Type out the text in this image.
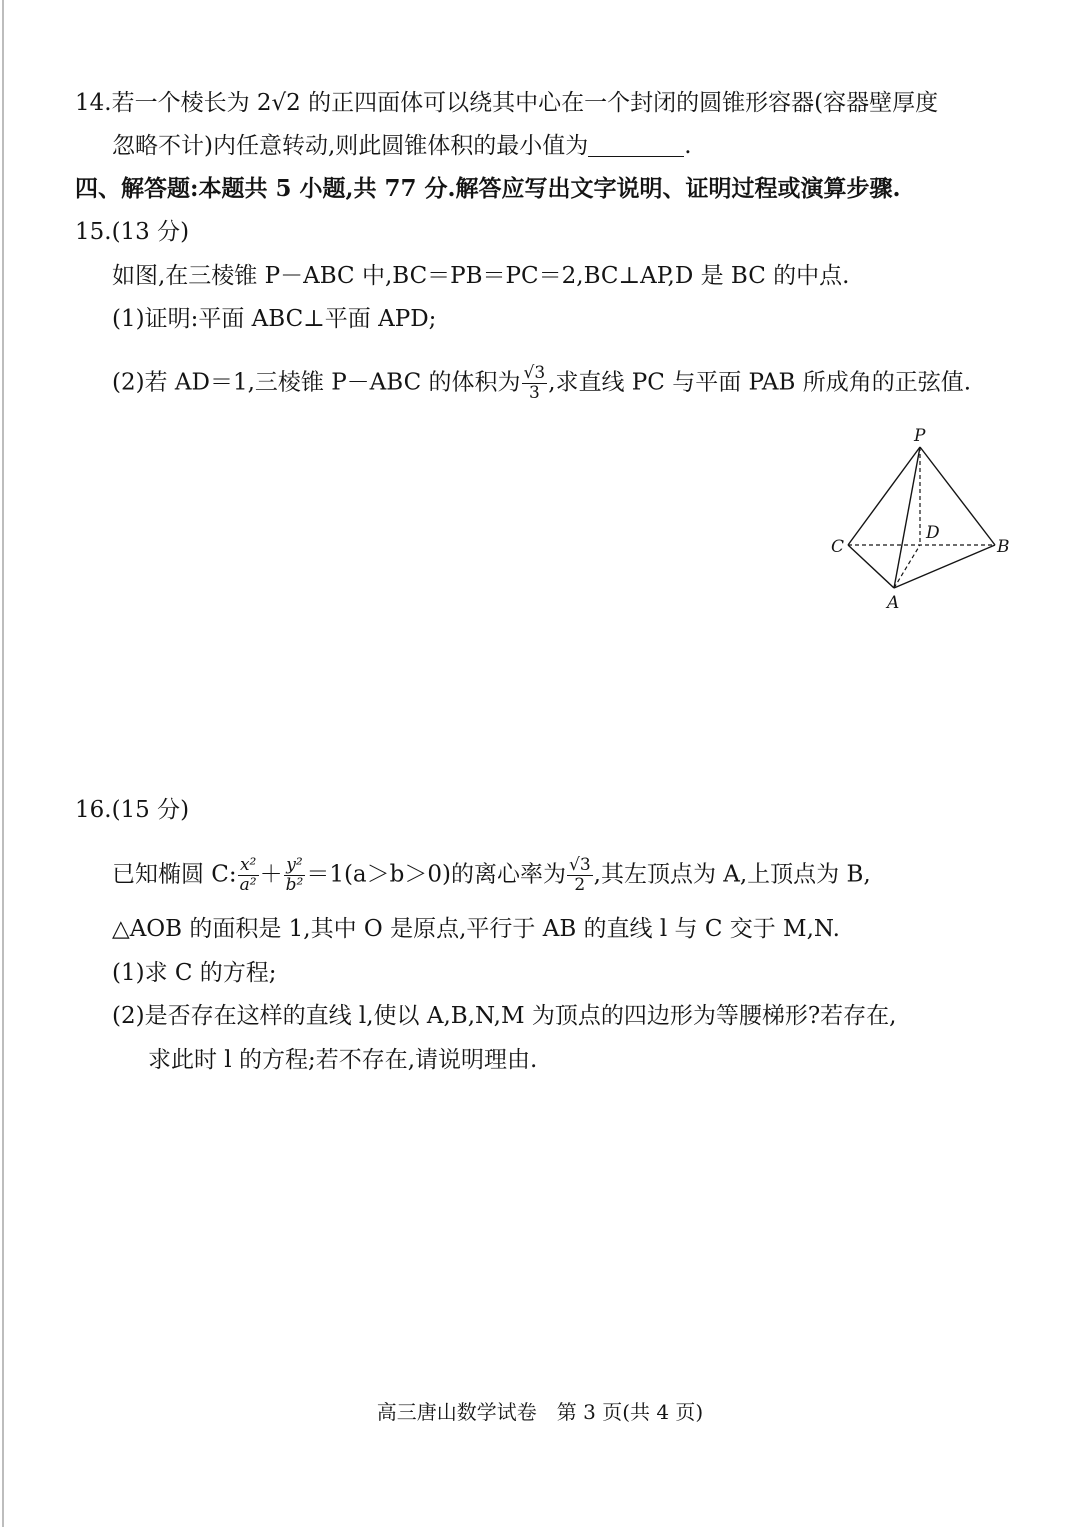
14.若一个棱长为 2√2 的正四面体可以绕其中心在一个封闭的圆锥形容器(容器壁厚度
忽略不计)内任意转动,则此圆锥体积的最小值为	.
四、解答题:本题共 5 小题,共 77 分.解答应写出文字说明、证明过程或演算步骤.
15.(13 分)
如图,在三棱锥 P－ABC 中,BC＝PB＝PC＝2,BC⊥AP,D 是 BC 的中点.
(1)证明:平面 ABC⊥平面 APD;
(2)若 AD＝1,三棱锥 P－ABC 的体积为 $\frac{√3}{3}$ ,求直线 PC 与平面 PAB 所成角的正弦值.
P
C	B
A
D
16.(15 分)
已知椭圆 C: $\frac{\text{x²}}{\text{a²}} + \frac{\text{y²}}{\text{b²}} =1(a>b>0)$的离心率为 $\frac{√3}{2}$ ,其左顶点为 A,上顶点为 B,
△AOB 的面积是 1,其中 O 是原点,平行于 AB 的直线 l 与 C 交于 M,N.
(1)求 C 的方程;
(2)是否存在这样的直线 l,使以 A,B,N,M 为顶点的四边形为等腰梯形?若存在,
求此时 l 的方程;若不存在,请说明理由.
高三唐山数学试卷　第 3 页(共 4 页)
